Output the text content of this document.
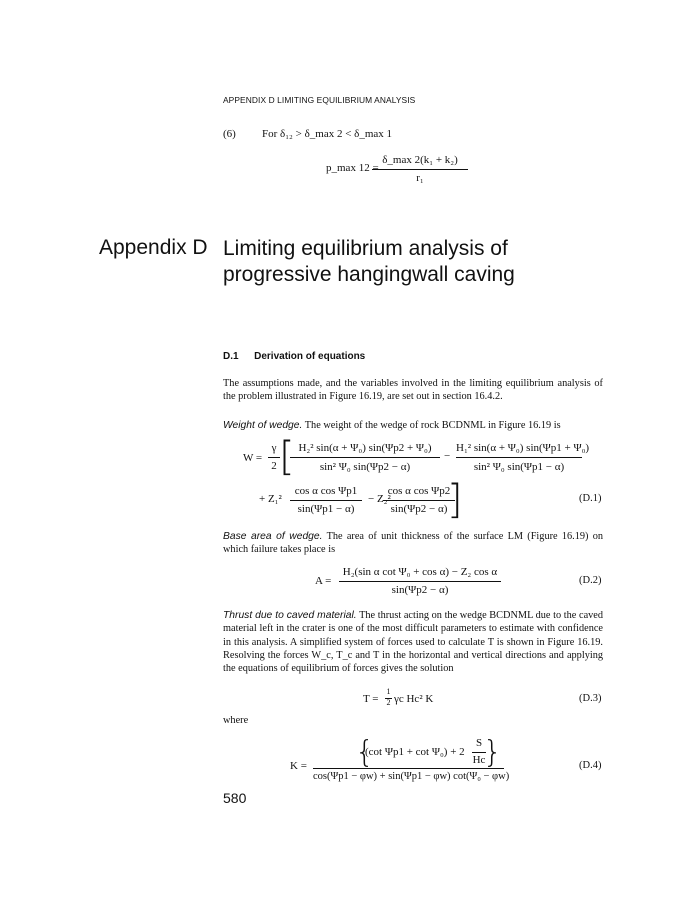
APPENDIX D LIMITING EQUILIBRIUM ANALYSIS
(6) For δ₁₂ > δ_max 2 < δ_max 1
p_max 12 =
δ_max 2(k₁ + k₂)
r₁
Appendix D Limiting equilibrium analysis of
progressive hangingwall caving
D.1 Derivation of equations
The assumptions made, and the variables involved in the limiting equilibrium analysis of the problem illustrated in Figure 16.19, are set out in section 16.4.2.
Weight of wedge. The weight of the wedge of rock BCDNML in Figure 16.19 is
W =
γ
2 [ H₂² sin(α + Ψ₀) sin(Ψp2 + Ψ₀)
sin² Ψ₀ sin(Ψp2 − α)
−
H₁² sin(α + Ψ₀) sin(Ψp1 + Ψ₀)
sin² Ψ₀ sin(Ψp1 − α)
+ Z₁²
cos α cos Ψp1
sin(Ψp1 − α)
− Z₂²
cos α cos Ψp2
sin(Ψp2 − α) ]	(D.1)
Base area of wedge. The area of unit thickness of the surface LM (Figure 16.19) on which failure takes place is
A =
H₂(sin α cot Ψ₀ + cos α) − Z₂ cos α
sin(Ψp2 − α)
(D.2)
Thrust due to caved material. The thrust acting on the wedge BCDNML due to the caved material left in the crater is one of the most difficult parameters to estimate with confidence in this analysis. A simplified system of forces used to calculate T is shown in Figure 16.19. Resolving the forces W_c, T_c and T in the horizontal and vertical directions and applying the equations of equilibrium of forces gives the solution
T =
1
2 γc Hc² K	(D.3)
where
K = {
(cot Ψp1 + cot Ψ₀) + 2
S
Hc
}
cos(Ψp1 − φw) + sin(Ψp1 − φw) cot(Ψ₀ − φw)
(D.4)
580
